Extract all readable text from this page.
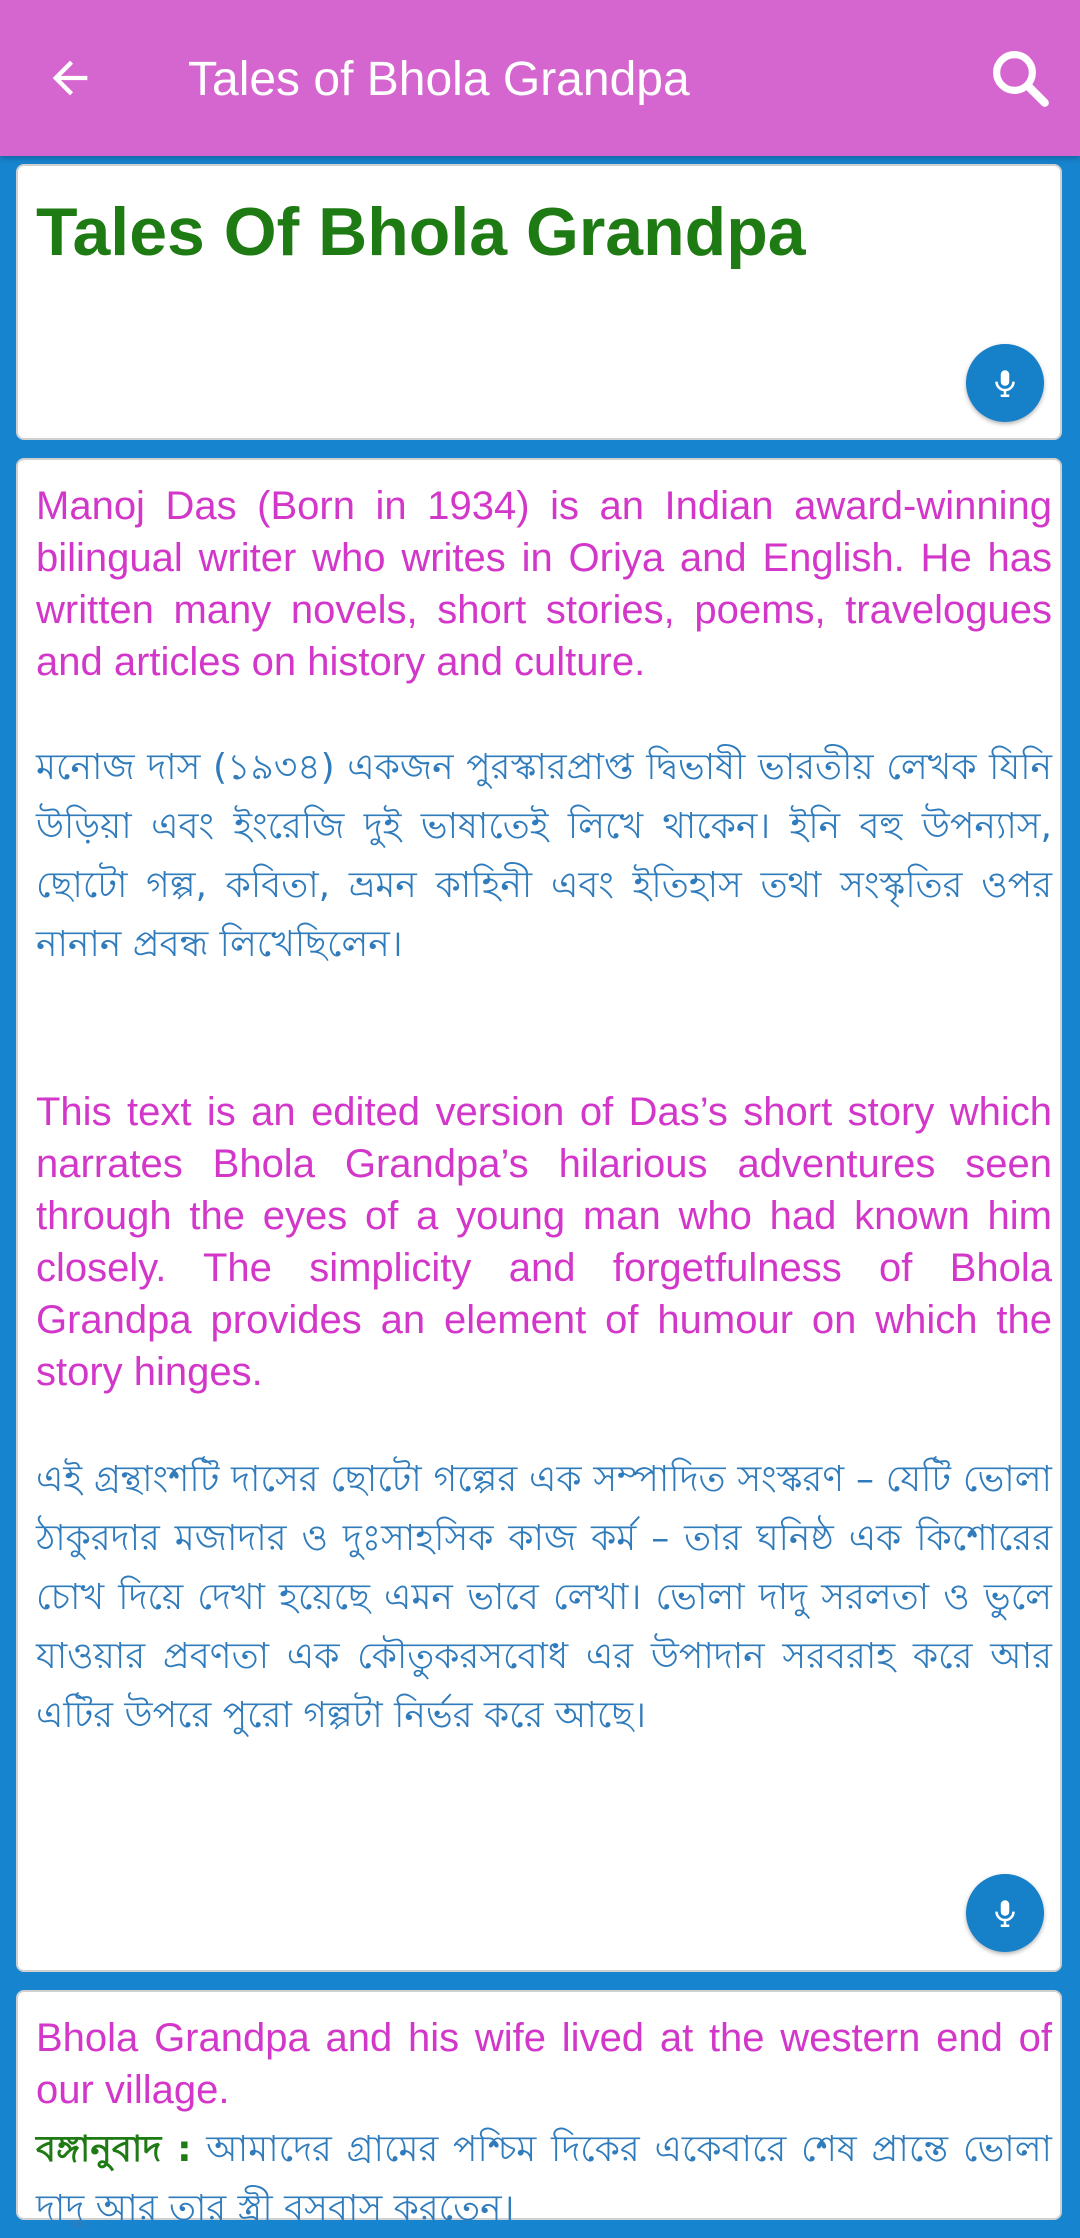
Tales of Bhola Grandpa
Tales Of Bhola Grandpa

Manoj Das (Born in 1934) is an Indian award-winning bilingual writer who writes in Oriya and English. He has written many novels, short stories, poems, travelogues and articles on history and culture.

মনোজ দাস (১৯৩৪) একজন পুরস্কারপ্রাপ্ত দ্বিভাষী ভারতীয় লেখক যিনি উড়িয়া এবং ইংরেজি দুই ভাষাতেই লিখে থাকেন। ইনি বহু উপন্যাস, ছোটো গল্প, কবিতা, ভ্রমন কাহিনী এবং ইতিহাস তথা সংস্কৃতির ওপর নানান প্রবন্ধ লিখেছিলেন।

This text is an edited version of Das’s short story which narrates Bhola Grandpa’s hilarious adventures seen through the eyes of a young man who had known him closely. The simplicity and forgetfulness of Bhola Grandpa provides an element of humour on which the story hinges.

এই গ্রন্থাংশটি দাসের ছোটো গল্পের এক সম্পাদিত সংস্করণ – যেটি ভোলা ঠাকুরদার মজাদার ও দুঃসাহসিক কাজ কর্ম – তার ঘনিষ্ঠ এক কিশোরের চোখ দিয়ে দেখা হয়েছে এমন ভাবে লেখা। ভোলা দাদু সরলতা ও ভুলে যাওয়ার প্রবণতা এক কৌতুকরসবোধ এর উপাদান সরবরাহ করে আর এটির উপরে পুরো গল্পটা নির্ভর করে আছে।

Bhola Grandpa and his wife lived at the western end of our village.

বঙ্গানুবাদ : আমাদের গ্রামের পশ্চিম দিকের একেবারে শেষ প্রান্তে ভোলা দাদু আর তার স্ত্রী বসবাস করতেন।
